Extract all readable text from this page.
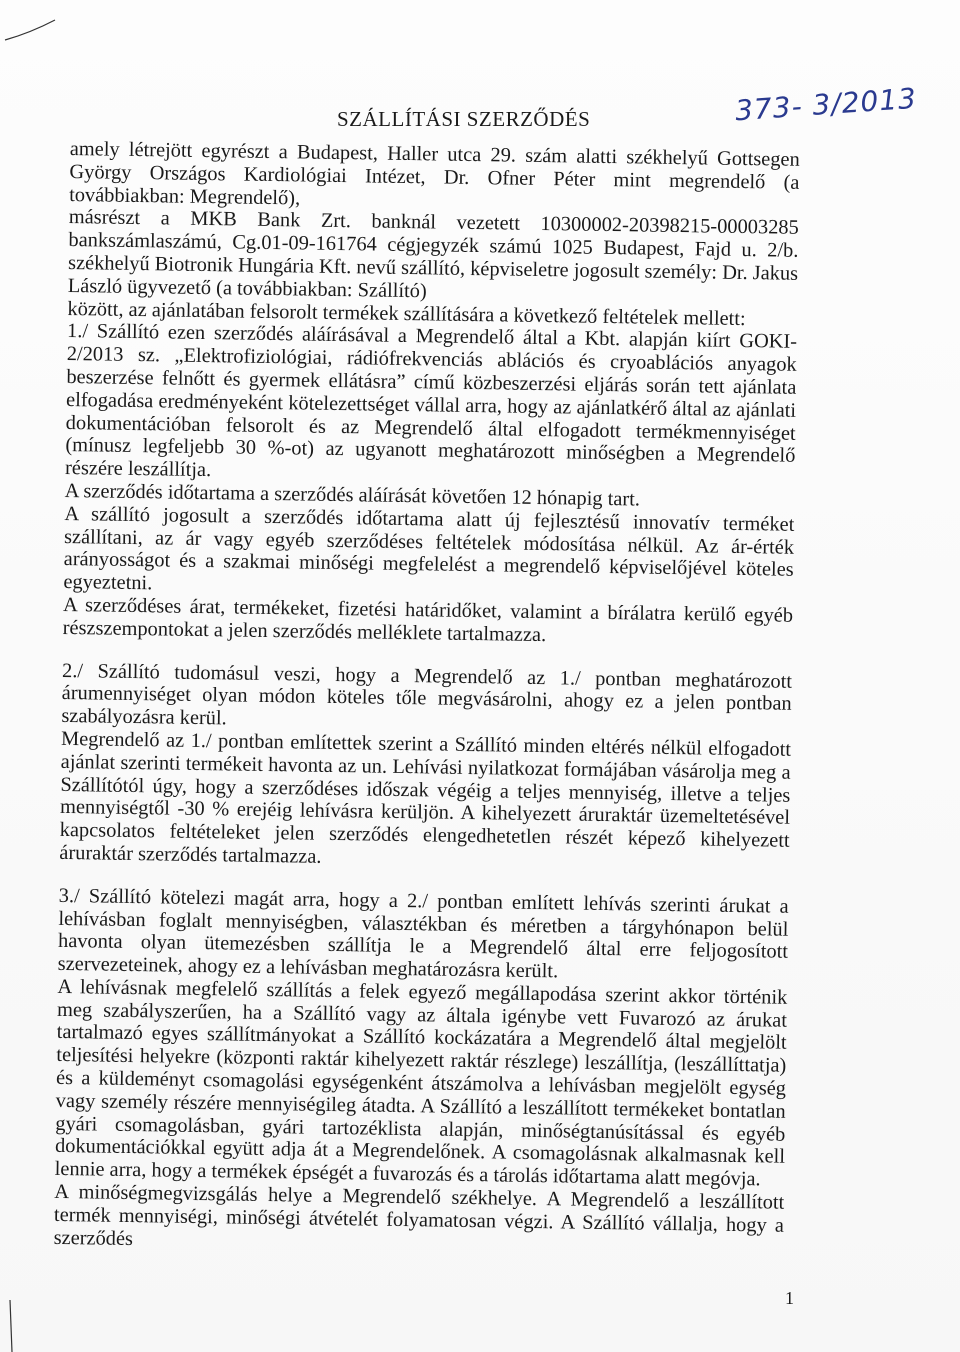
373- 3/2013
SZÁLLÍTÁSI SZERZŐDÉS

amely létrejött egyrészt a Budapest, Haller utca 29. szám alatti székhelyű Gottsegen György Országos Kardiológiai Intézet, Dr. Ofner Péter mint megrendelő (a továbbiakban: Megrendelő),

másrészt a MKB Bank Zrt. banknál vezetett 10300002-20398215-00003285 bankszámlaszámú, Cg.01-09-161764 cégjegyzék számú 1025 Budapest, Fajd u. 2/b. székhelyű Biotronik Hungária Kft. nevű szállító, képviseletre jogosult személy: Dr. Jakus László ügyvezető (a továbbiakban: Szállító)

között, az ajánlatában felsorolt termékek szállítására a következő feltételek mellett:

1./ Szállító ezen szerződés aláírásával a Megrendelő által a Kbt. alapján kiírt GOKI-2/2013 sz. „Elektrofiziológiai, rádiófrekvenciás ablációs és cryoablációs anyagok beszerzése felnőtt és gyermek ellátásra” című közbeszerzési eljárás során tett ajánlata elfogadása eredményeként kötelezettséget vállal arra, hogy az ajánlatkérő által az ajánlati dokumentációban felsorolt és az Megrendelő által elfogadott termékmennyiséget (mínusz legfeljebb 30 %-ot) az ugyanott meghatározott minőségben a Megrendelő részére leszállítja.

A szerződés időtartama a szerződés aláírását követően 12 hónapig tart.

A szállító jogosult a szerződés időtartama alatt új fejlesztésű innovatív terméket szállítani, az ár vagy egyéb szerződéses feltételek módosítása nélkül. Az ár-érték arányosságot és a szakmai minőségi megfelelést a megrendelő képviselőjével köteles egyeztetni.

A szerződéses árat, termékeket, fizetési határidőket, valamint a bírálatra kerülő egyéb részszempontokat a jelen szerződés melléklete tartalmazza.

2./ Szállító tudomásul veszi, hogy a Megrendelő az 1./ pontban meghatározott árumennyiséget olyan módon köteles tőle megvásárolni, ahogy ez a jelen pontban szabályozásra kerül.

Megrendelő az 1./ pontban említettek szerint a Szállító minden eltérés nélkül elfogadott ajánlat szerinti termékeit havonta az un. Lehívási nyilatkozat formájában vásárolja meg a Szállítótól úgy, hogy a szerződéses időszak végéig a teljes mennyiség, illetve a teljes mennyiségtől -30 % erejéig lehívásra kerüljön. A kihelyezett áruraktár üzemeltetésével kapcsolatos feltételeket jelen szerződés elengedhetetlen részét képező kihelyezett áruraktár szerződés tartalmazza.

3./ Szállító kötelezi magát arra, hogy a 2./ pontban említett lehívás szerinti árukat a lehívásban foglalt mennyiségben, választékban és méretben a tárgyhónapon belül havonta olyan ütemezésben szállítja le a Megrendelő által erre feljogosított szervezeteinek, ahogy ez a lehívásban meghatározásra került.

A lehívásnak megfelelő szállítás a felek egyező megállapodása szerint akkor történik meg szabályszerűen, ha a Szállító vagy az általa igénybe vett Fuvarozó az árukat tartalmazó egyes szállítmányokat a Szállító kockázatára a Megrendelő által megjelölt teljesítési helyekre (központi raktár kihelyezett raktár részlege) leszállítja, (leszállíttatja) és a küldeményt csomagolási egységenként átszámolva a lehívásban megjelölt egység vagy személy részére mennyiségileg átadta. A Szállító a leszállított termékeket bontatlan gyári csomagolásban, gyári tartozéklista alapján, minőségtanúsítással és egyéb dokumentációkkal együtt adja át a Megrendelőnek. A csomagolásnak alkalmasnak kell lennie arra, hogy a termékek épségét a fuvarozás és a tárolás időtartama alatt megóvja.

A minőségmegvizsgálás helye a Megrendelő székhelye. A Megrendelő a leszállított termék mennyiségi, minőségi átvételét folyamatosan végzi. A Szállító vállalja, hogy a szerződés

1
